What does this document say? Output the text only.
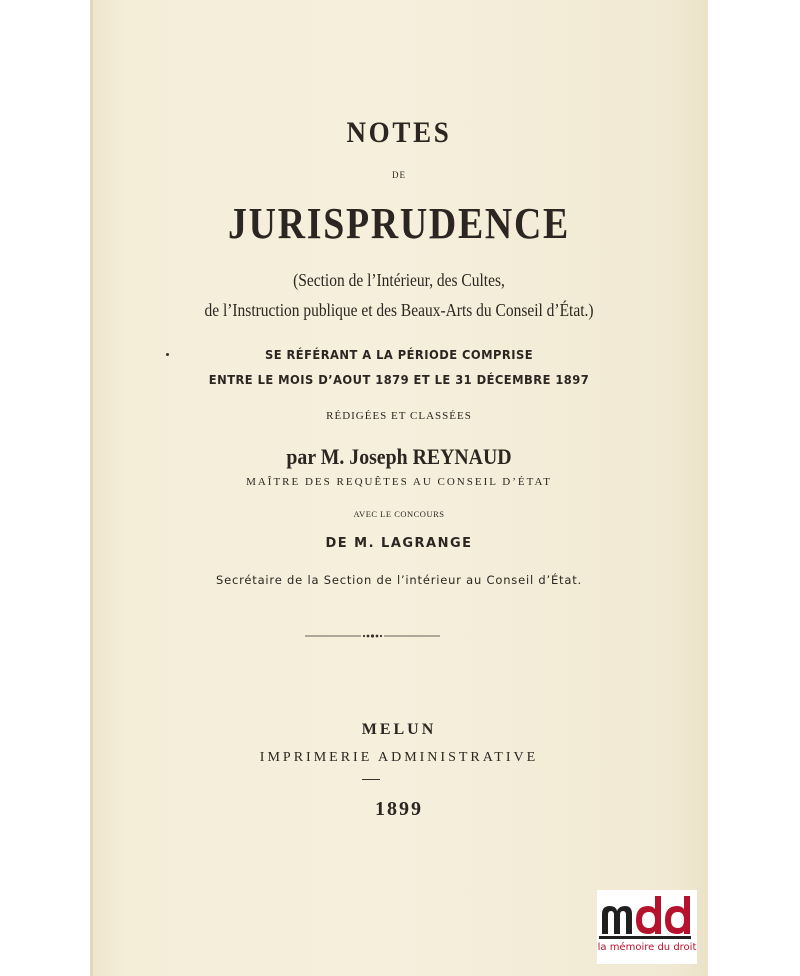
NOTES
DE
JURISPRUDENCE
(Section de l’Intérieur, des Cultes,
de l’Instruction publique et des Beaux-Arts du Conseil d’État.)
SE RÉFÉRANT A LA PÉRIODE COMPRISE
ENTRE LE MOIS D’AOUT 1879 ET LE 31 DÉCEMBRE 1897
RÉDIGÉES ET CLASSÉES
par M. Joseph REYNAUD
MAÎTRE DES REQUÊTES AU CONSEIL D’ÉTAT
AVEC LE CONCOURS
DE M. LAGRANGE
Secrétaire de la Section de l’intérieur au Conseil d’État.
MELUN
IMPRIMERIE ADMINISTRATIVE
1899
la mémoire du droit
